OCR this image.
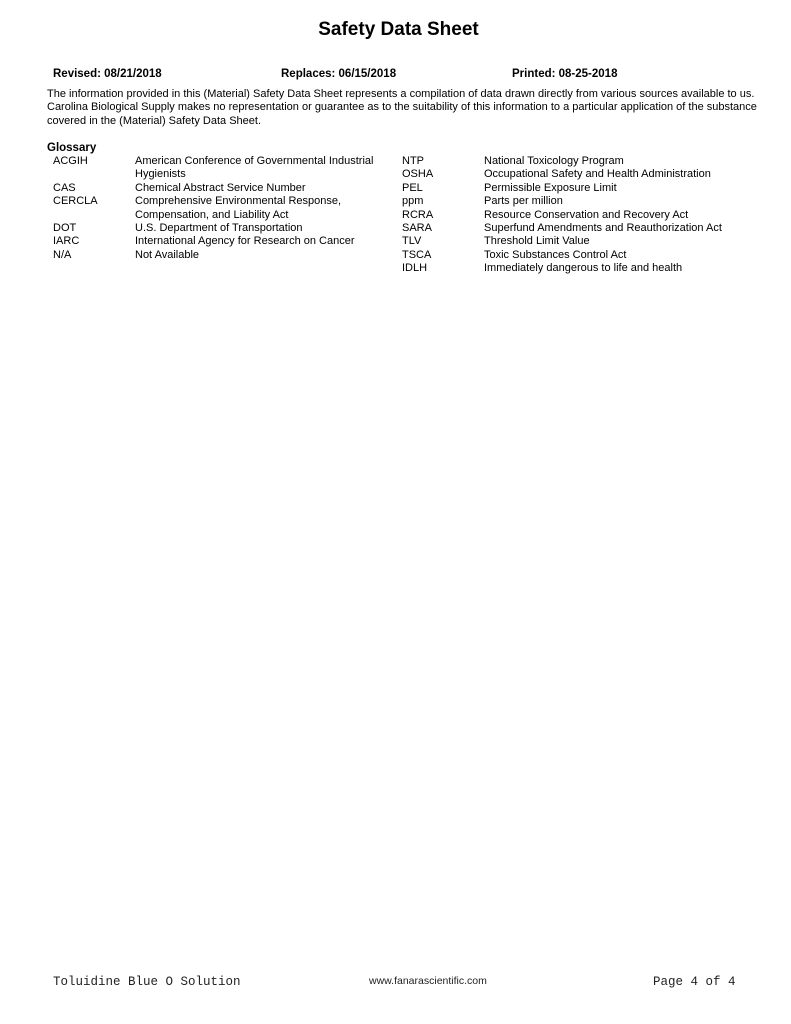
Safety Data Sheet
Revised: 08/21/2018	Replaces: 06/15/2018	Printed: 08-25-2018

The information provided in this (Material) Safety Data Sheet represents a compilation of data drawn directly from various sources available to us. Carolina Biological Supply makes no representation or guarantee as to the suitability of this information to a particular application of the substance covered in the (Material) Safety Data Sheet.

Glossary
ACGIH	American Conference of Governmental Industrial Hygienists
CAS	Chemical Abstract Service Number
CERCLA	Comprehensive Environmental Response, Compensation, and Liability Act
DOT	U.S. Department of Transportation
IARC	International Agency for Research on Cancer
N/A	Not Available
NTP	National Toxicology Program
OSHA	Occupational Safety and Health Administration
PEL	Permissible Exposure Limit
ppm	Parts per million
RCRA	Resource Conservation and Recovery Act
SARA	Superfund Amendments and Reauthorization Act
TLV	Threshold Limit Value
TSCA	Toxic Substances Control Act
IDLH	Immediately dangerous to life and health
Toluidine Blue O Solution	www.fanarascientific.com	Page 4 of 4
